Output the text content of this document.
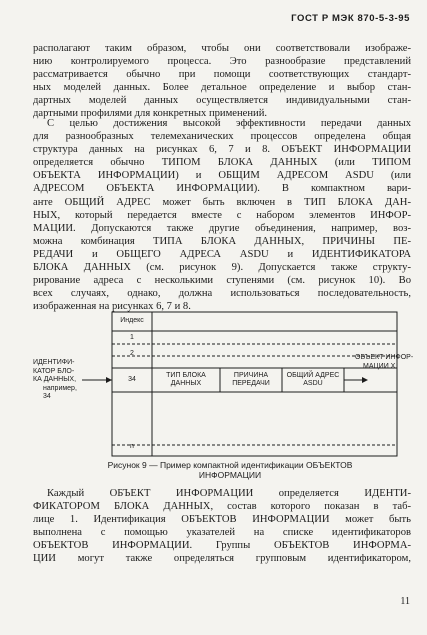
ГОСТ Р МЭК 870-5-3-95
располагают таким образом, чтобы они соответствовали изображе-
нию контролируемого процесса. Это разнообразие представлений
рассматривается обычно при помощи соответствующих стандарт-
ных моделей данных. Более детальное определение и выбор стан-
дартных моделей данных осуществляется индивидуальными стан-
дартными профилями для конкретных применений.
С целью достижения высокой эффективности передачи данных
для разнообразных телемеханических процессов определена общая
структура данных на рисунках 6, 7 и 8. ОБЪЕКТ ИНФОРМАЦИИ
определяется обычно ТИПОМ БЛОКА ДАННЫХ (или ТИПОМ
ОБЪЕКТА ИНФОРМАЦИИ) и ОБЩИМ АДРЕСОМ ASDU (или
АДРЕСОМ ОБЪЕКТА ИНФОРМАЦИИ). В компактном вари-
анте ОБЩИЙ АДРЕС может быть включен в ТИП БЛОКА ДАН-
НЫХ, который передается вместе с набором элементов ИНФОР-
МАЦИИ. Допускаются также другие объединения, например, воз-
можна комбинация ТИПА БЛОКА ДАННЫХ, ПРИЧИНЫ ПЕ-
РЕДАЧИ и ОБЩЕГО АДРЕСА ASDU и ИДЕНТИФИКАТОРА
БЛОКА ДАННЫХ (см. рисунок 9). Допускается также структу-
рирование адреса с несколькими ступенями (см. рисунок 10). Во
всех случаях, однако, должна использоваться последовательность,
изображенная на рисунках 6, 7 и 8.
Индекс
1
2
34
n
ТИП БЛОКА ДАННЫХ
ПРИЧИНА ПЕРЕДАЧИ
ОБЩИЙ АДРЕС ASDU
ИДЕНТИФИ-
КАТОР БЛО-
КА ДАННЫХ,
например,
34
ОБЪЕКТ ИНФОР-
МАЦИИ X
Рисунок 9 — Пример компактной идентификации ОБЪЕКТОВ
ИНФОРМАЦИИ
Каждый ОБЪЕКТ ИНФОРМАЦИИ определяется ИДЕНТИ-
ФИКАТОРОМ БЛОКА ДАННЫХ, состав которого показан в таб-
лице 1. Идентификация ОБЪЕКТОВ ИНФОРМАЦИИ может быть
выполнена с помощью указателей на списке идентификаторов
ОБЪЕКТОВ ИНФОРМАЦИИ. Группы ОБЪЕКТОВ ИНФОРМА-
ЦИИ могут также определяться групповым идентификатором,
11
